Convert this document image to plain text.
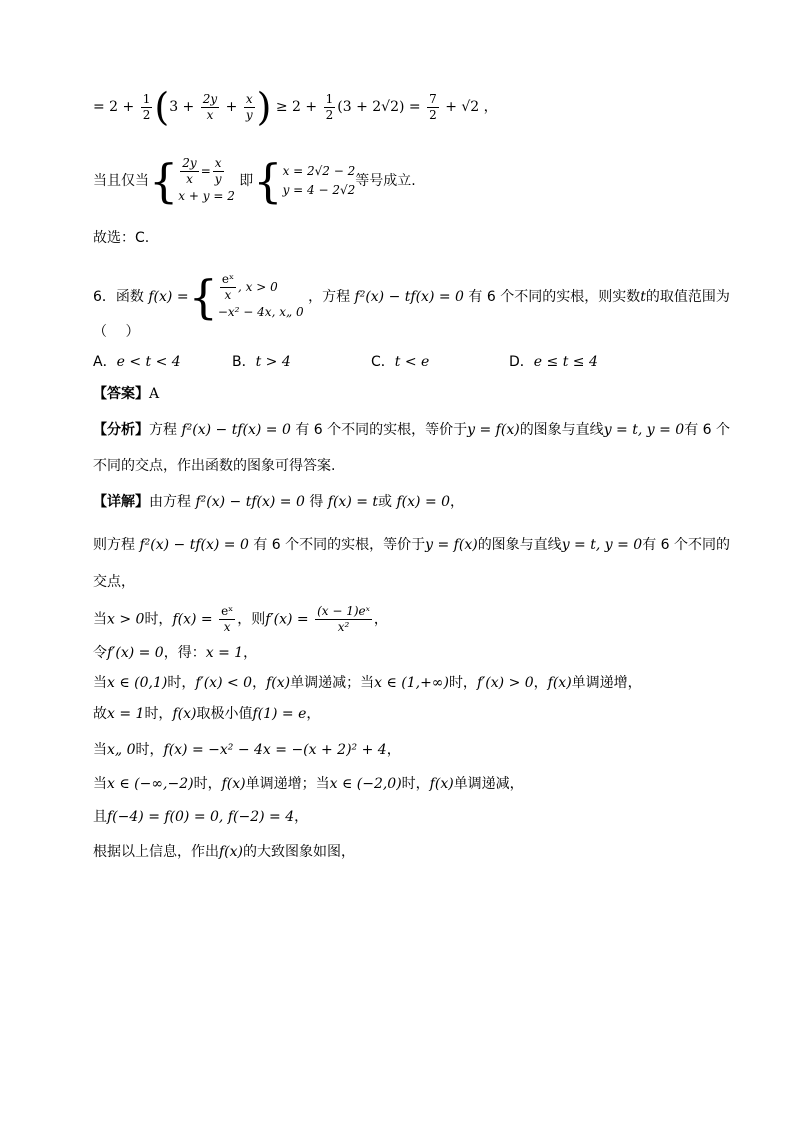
= $2 + \frac{1}{2} (3 + \frac{2y}{x} + \frac{x}{y}$ ) ≥ $2 + \frac{1}{2} (3 + 2√2) = \frac{7}{2} + √2$ ，
当且仅当{ $\frac{2y}{x} = \frac{x}{y}$
x + y = 2
即{ x = 2√2 − 2
y = 4 − 2√2
等号成立.
故选：C.
6．函数 f(x) ={ $\frac{\text{eˣ}}{x}$ , x > 0
−x² − 4x, x„ 0
，方程 f²(x) − tf(x) = 0 有 6 个不同的实根，则实数t的取值范围为
（　 ）
A．e < t < 4	B．t > 4	C．t < e	D．e ≤ t ≤ 4
【答案】A
【分析】方程 f²(x) − tf(x) = 0 有 6 个不同的实根，等价于y = f(x)的图象与直线y = t, y = 0有 6 个
不同的交点，作出函数的图象可得答案.
【详解】由方程 f²(x) − tf(x) = 0 得 f(x) = t或 f(x) = 0，
则方程 f²(x) − tf(x) = 0 有 6 个不同的实根，等价于y = f(x)的图象与直线y = t, y = 0有 6 个不同的
交点，
当x > 0时，$f(x) = \frac{\text{eˣ}}{x}$ ，则$f'(x) = \frac{\text{(x − 1)eˣ}}{\text{x²}}$ ，
令f′(x) = 0，得：x = 1，
当x ∈ (0,1)时，f′(x) < 0，f(x)单调递减；当x ∈ (1,+∞)时，f′(x) > 0，f(x)单调递增，
故x = 1时，f(x)取极小值f(1) = e，
当x„ 0时，f(x) = −x² − 4x = −(x + 2)² + 4，
当x ∈ (−∞,−2)时，f(x)单调递增；当x ∈ (−2,0)时，f(x)单调递减，
且f(−4) = f(0) = 0, f(−2) = 4，
根据以上信息，作出f(x)的大致图象如图，
